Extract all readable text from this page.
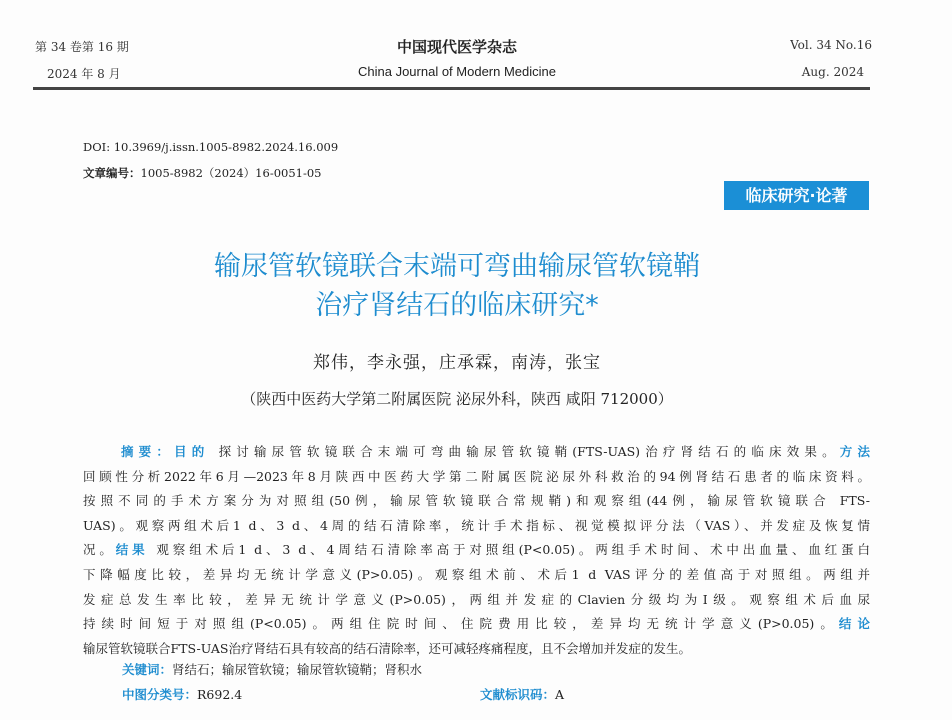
第 34 卷第 16 期
2024 年 8 月
中国现代医学杂志
China Journal of Modern Medicine
Vol. 34 No.16
Aug. 2024
DOI: 10.3969/j.issn.1005-8982.2024.16.009
文章编号：1005-8982（2024）16-0051-05
临床研究·论著
输尿管软镜联合末端可弯曲输尿管软镜鞘
治疗肾结石的临床研究*
郑伟，李永强，庄承霖，南涛，张宝
（陕西中医药大学第二附属医院 泌尿外科，陕西 咸阳 712000）
摘要：目的 探讨输尿管软镜联合末端可弯曲输尿管软镜鞘(FTS-UAS)治疗肾结石的临床效果。方法
回顾性分析2022年6月—2023年8月陕西中医药大学第二附属医院泌尿外科救治的94例肾结石患者的临床资料。
按照不同的手术方案分为对照组(50例，输尿管软镜联合常规鞘)和观察组(44例，输尿管软镜联合 FTS-
UAS)。观察两组术后1 d、3 d、4周的结石清除率，统计手术指标、视觉模拟评分法（VAS）、并发症及恢复情
况。结果 观察组术后1 d、3 d、4周结石清除率高于对照组(P<0.05)。两组手术时间、术中出血量、血红蛋白
下降幅度比较，差异均无统计学意义(P>0.05)。观察组术前、术后1 d VAS评分的差值高于对照组。两组并
发症总发生率比较，差异无统计学意义(P>0.05)，两组并发症的Clavien分级均为Ⅰ级。观察组术后血尿
持续时间短于对照组(P<0.05)。两组住院时间、住院费用比较，差异均无统计学意义(P>0.05)。结论
输尿管软镜联合FTS-UAS治疗肾结石具有较高的结石清除率，还可减轻疼痛程度，且不会增加并发症的发生。
关键词：肾结石；输尿管软镜；输尿管软镜鞘；肾积水
中图分类号：R692.4	文献标识码：A
